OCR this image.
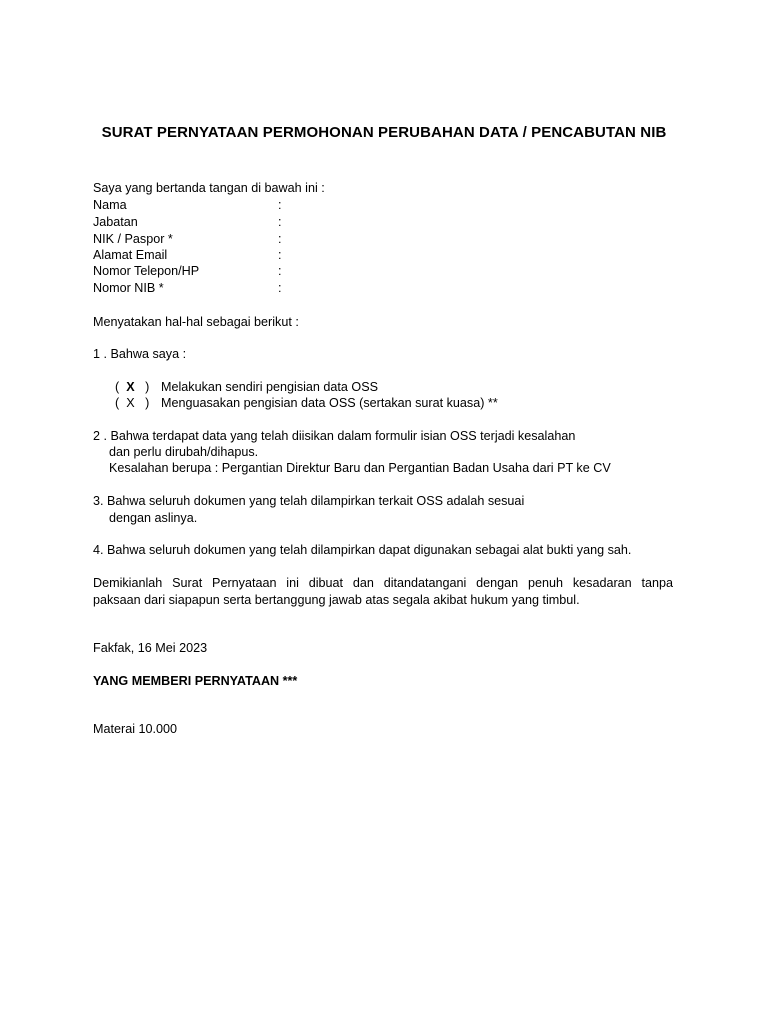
SURAT PERNYATAAN PERMOHONAN PERUBAHAN DATA / PENCABUTAN NIB
Saya yang bertanda tangan di bawah ini :
Nama	:
Jabatan	:
NIK / Paspor *	:
Alamat Email	:
Nomor Telepon/HP	:
Nomor NIB *	:
Menyatakan hal-hal sebagai berikut :
1 . Bahwa saya :
( X ) Melakukan sendiri pengisian data OSS
( X ) Menguasakan pengisian data OSS (sertakan surat kuasa) **
2 . Bahwa terdapat data yang telah diisikan dalam formulir isian OSS terjadi kesalahan
dan perlu dirubah/dihapus.
Kesalahan berupa : Pergantian Direktur Baru dan Pergantian Badan Usaha dari PT ke CV
3. Bahwa seluruh dokumen yang telah dilampirkan terkait OSS adalah sesuai
dengan aslinya.
4. Bahwa seluruh dokumen yang telah dilampirkan dapat digunakan sebagai alat bukti yang sah.
Demikianlah Surat Pernyataan ini dibuat dan ditandatangani dengan penuh kesadaran tanpa
paksaan dari siapapun serta bertanggung jawab atas segala akibat hukum yang timbul.
Fakfak, 16 Mei 2023
YANG MEMBERI PERNYATAAN ***
Materai 10.000
